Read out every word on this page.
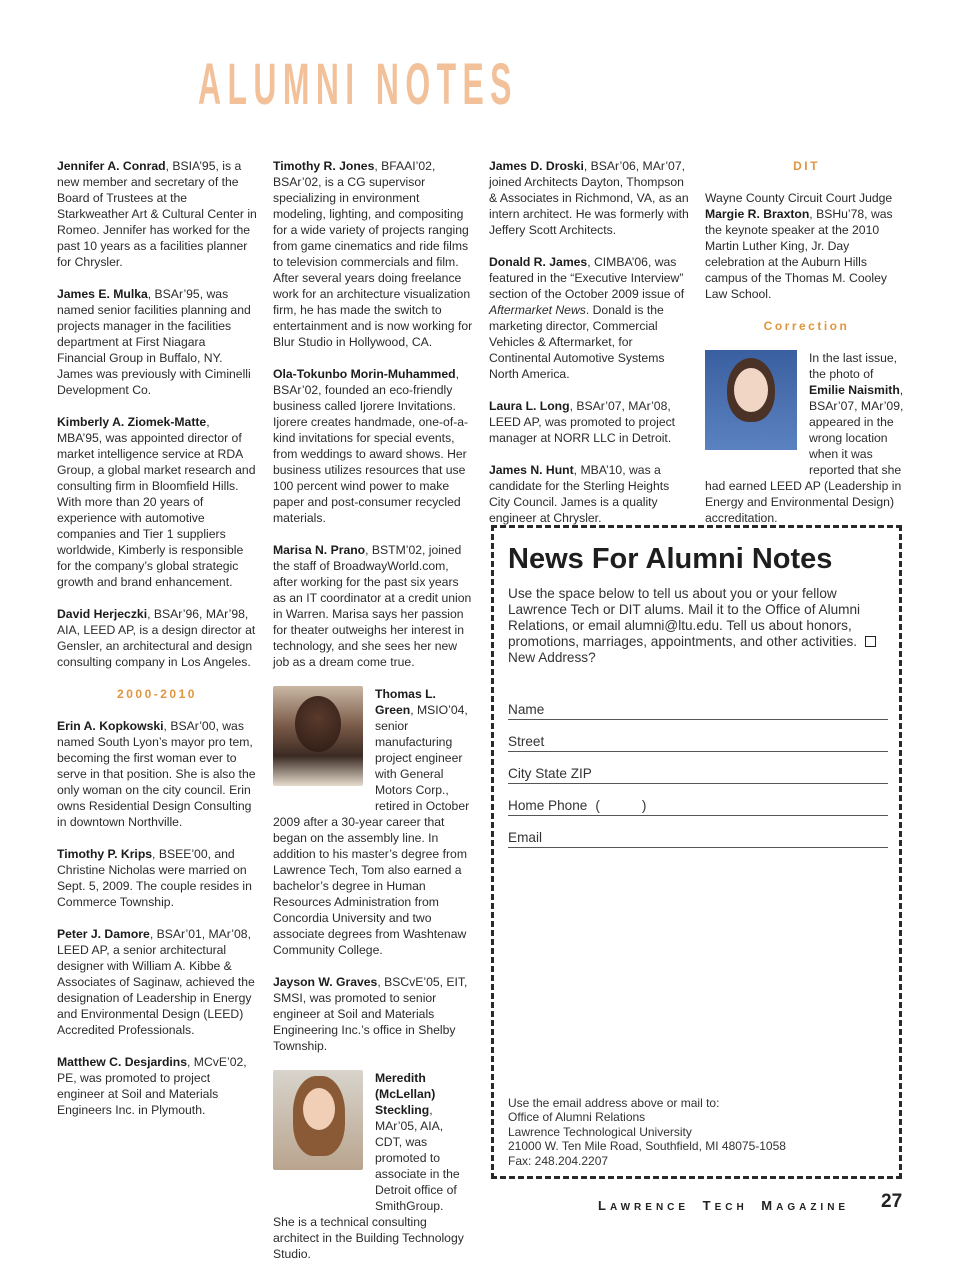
A L U M N I
N O T E S

Jennifer A. Conrad, BSIA’95, is a new member and secretary of the Board of Trustees at the Starkweather Art & Cultural Center in Romeo. Jennifer has worked for the past 10 years as a facilities planner for Chrysler.

James E. Mulka, BSAr’95, was named senior facilities planning and projects manager in the facilities department at First Niagara Financial Group in Buffalo, NY. James was previously with Ciminelli Development Co.

Kimberly A. Ziomek-Matte, MBA’95, was appointed director of market intelligence service at RDA Group, a global market research and consulting firm in Bloomfield Hills. With more than 20 years of experience with automotive companies and Tier 1 suppliers worldwide, Kimberly is responsible for the company’s global strategic growth and brand enhancement.

David Herjeczki, BSAr’96, MAr’98, AIA, LEED AP, is a design director at Gensler, an architectural and design consulting company in Los Angeles.

2000-2010

Erin A. Kopkowski, BSAr’00, was named South Lyon’s mayor pro tem, becoming the first woman ever to serve in that position. She is also the only woman on the city council. Erin owns Residential Design Consulting in downtown Northville.

Timothy P. Krips, BSEE’00, and Christine Nicholas were married on Sept. 5, 2009. The couple resides in Commerce Township.

Peter J. Damore, BSAr’01, MAr’08, LEED AP, a senior architectural designer with William A. Kibbe & Associates of Saginaw, achieved the designation of Leadership in Energy and Environmental Design (LEED) Accredited Professionals.

Matthew C. Desjardins, MCvE’02, PE, was promoted to project engineer at Soil and Materials Engineers Inc. in Plymouth.

Timothy R. Jones, BFAAI’02, BSAr’02, is a CG supervisor specializing in environment modeling, lighting, and compositing for a wide variety of projects ranging from game cinematics and ride films to television commercials and film. After several years doing freelance work for an architecture visualization firm, he has made the switch to entertainment and is now working for Blur Studio in Hollywood, CA.

Ola-Tokunbo Morin-Muhammed, BSAr’02, founded an eco-friendly business called Ijorere Invitations. Ijorere creates handmade, one-of-a-kind invitations for special events, from weddings to award shows. Her business utilizes resources that use 100 percent wind power to make paper and post-consumer recycled materials.

Marisa N. Prano, BSTM’02, joined the staff of BroadwayWorld.com, after working for the past six years as an IT coordinator at a credit union in Warren. Marisa says her passion for theater outweighs her interest in technology, and she sees her new job as a dream come true.

Thomas L. Green, MSIO’04, senior manufacturing project engineer with General Motors Corp., retired in October

2009 after a 30-year career that began on the assembly line. In addition to his master’s degree from Lawrence Tech, Tom also earned a bachelor’s degree in Human Resources Administration from Concordia University and two associate degrees from Washtenaw Community College.

Jayson W. Graves, BSCvE’05, EIT, SMSI, was promoted to senior engineer at Soil and Materials Engineering Inc.’s office in Shelby Township.

Meredith (McLellan) Steckling, MAr’05, AIA, CDT, was promoted to associate in the Detroit office of SmithGroup.

She is a technical consulting architect in the Building Technology Studio.

James D. Droski, BSAr’06, MAr’07, joined Architects Dayton, Thompson & Associates in Richmond, VA, as an intern architect. He was formerly with Jeffery Scott Architects.

Donald R. James, CIMBA’06, was featured in the “Executive Interview” section of the October 2009 issue of Aftermarket News. Donald is the marketing director, Commercial Vehicles & Aftermarket, for Continental Automotive Systems North America.

Laura L. Long, BSAr’07, MAr’08, LEED AP, was promoted to project manager at NORR LLC in Detroit.

James N. Hunt, MBA’10, was a candidate for the Sterling Heights City Council. James is a quality engineer at Chrysler.

DIT

Wayne County Circuit Court Judge Margie R. Braxton, BSHu’78, was the keynote speaker at the 2010 Martin Luther King, Jr. Day celebration at the Auburn Hills campus of the Thomas M. Cooley Law School.

Correction
In the last issue, the photo of Emilie Naismith, BSAr’07, MAr’09, appeared in the wrong location when it was reported that she

had earned LEED AP (Leadership in Energy and Environmental Design) accreditation.

News For Alumni Notes
Use the space below to tell us about you or your fellow Lawrence Tech or DIT alums. Mail it to the Office of Alumni Relations, or email alumni@ltu.edu. Tell us about honors, promotions, marriages, appointments, and other activities. New Address?
Name
Street
City State ZIP
Home Phone (	)
Email
Use the email address above or mail to:
Office of Alumni Relations
Lawrence Technological University
21000 W. Ten Mile Road, Southfield, MI 48075-1058
Fax: 248.204.2207
LAWRENCE  TECH  MAGAZINE 27
